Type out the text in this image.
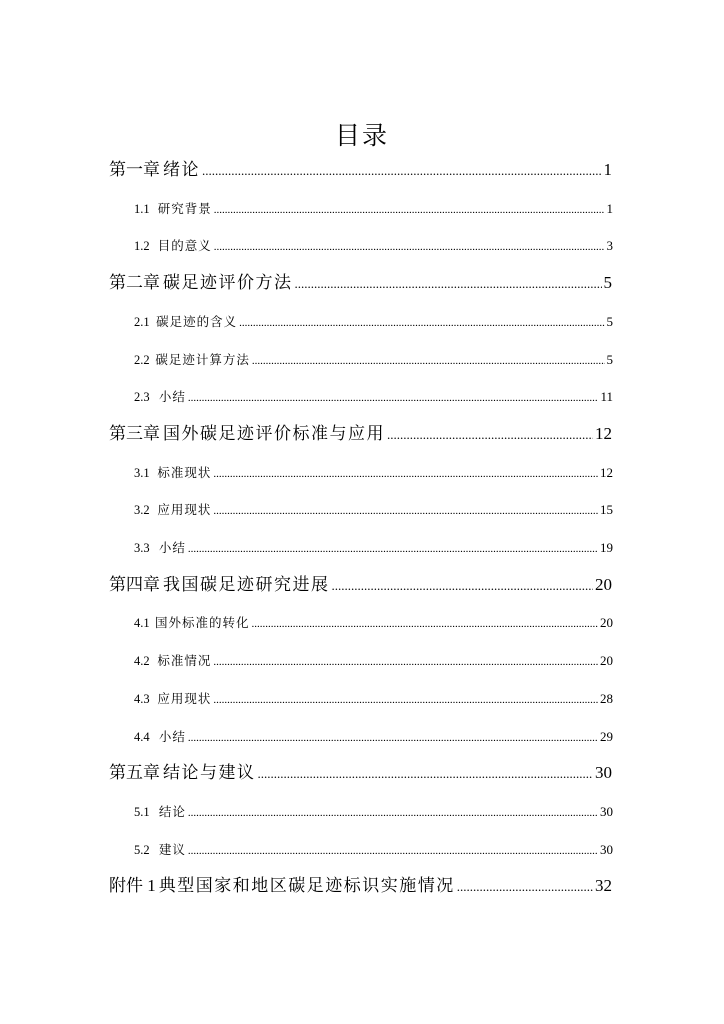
目录
第一章 绪论 .....	1
1.1 研究背景 .....	1
1.2 目的意义 .....	3
第二章 碳足迹评价方法 .....	5
2.1 碳足迹的含义 .....	5
2.2 碳足迹计算方法 .....	5
2.3 小结 .....	11
第三章 国外碳足迹评价标准与应用 .....	12
3.1 标准现状 .....	12
3.2 应用现状 .....	15
3.3 小结 .....	19
第四章 我国碳足迹研究进展 .....	20
4.1 国外标准的转化 .....	20
4.2 标准情况 .....	20
4.3 应用现状 .....	28
4.4 小结 .....	29
第五章 结论与建议 .....	30
5.1 结论 .....	30
5.2 建议 .....	30
附件 1 典型国家和地区碳足迹标识实施情况 .....	32
